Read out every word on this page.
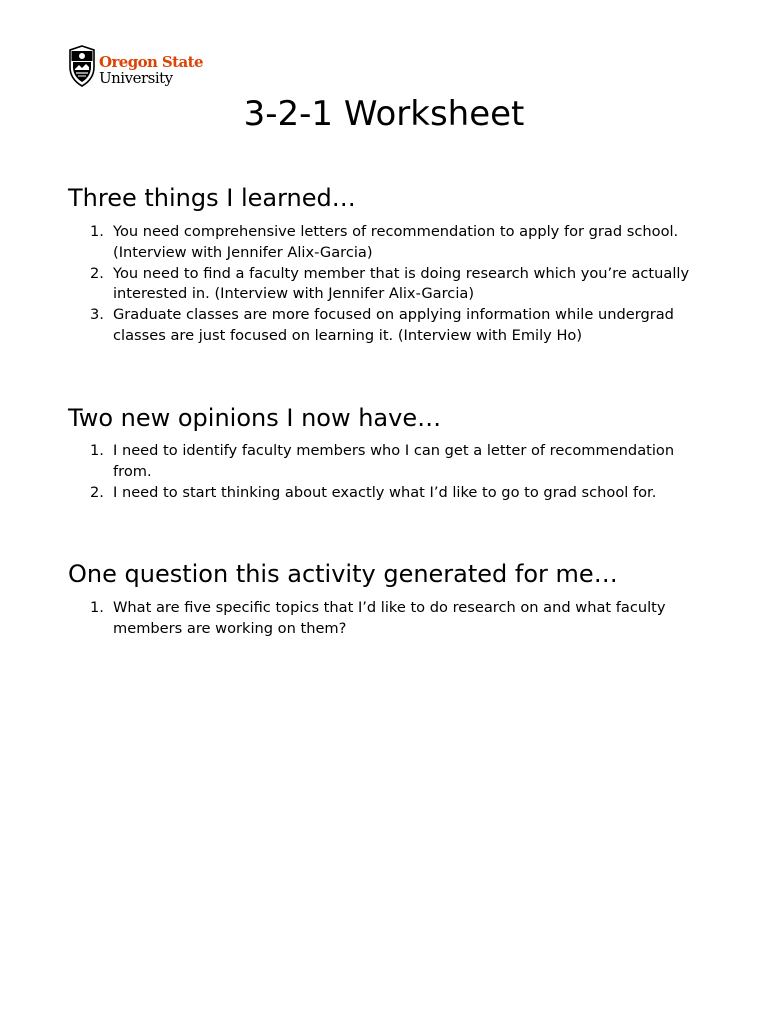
Oregon State
University
3-2-1 Worksheet
Three things I learned…
1. You need comprehensive letters of recommendation to apply for grad school. (Interview with Jennifer Alix-Garcia)
2. You need to find a faculty member that is doing research which you’re actually interested in. (Interview with Jennifer Alix-Garcia)
3. Graduate classes are more focused on applying information while undergrad classes are just focused on learning it. (Interview with Emily Ho)
Two new opinions I now have…
1. I need to identify faculty members who I can get a letter of recommendation from.
2. I need to start thinking about exactly what I’d like to go to grad school for.
One question this activity generated for me…
1. What are five specific topics that I’d like to do research on and what faculty members are working on them?
